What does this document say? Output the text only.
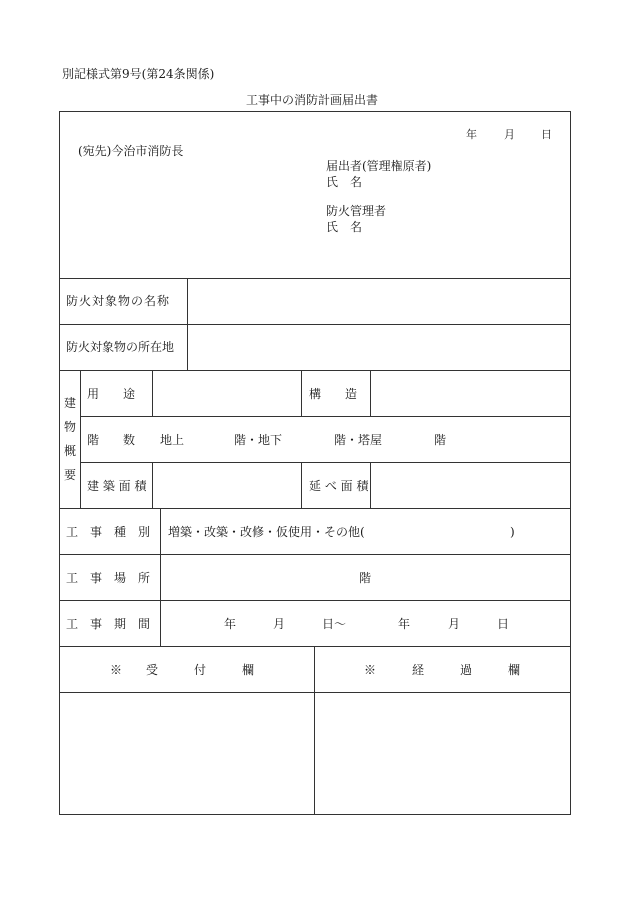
別記様式第9号(第24条関係)
工事中の消防計画届出書
年 月 日
(宛先)今治市消防長
届出者(管理権原者)
氏　名
防火管理者
氏　名
防火対象物の名称
防火対象物の所在地
建
物
概
要
用　　途	構　　造
階　　数 地上	階・地下	階・塔屋	階
建 築 面 積	延 べ 面 積
工　事　種　別 増築・改築・改修・仮使用・その他(	)
工　事　場　所	階
工　事　期　間	年	月	日〜	年	月	日
※　　受　　　付　　　欄	※　　　経　　　過　　　欄
